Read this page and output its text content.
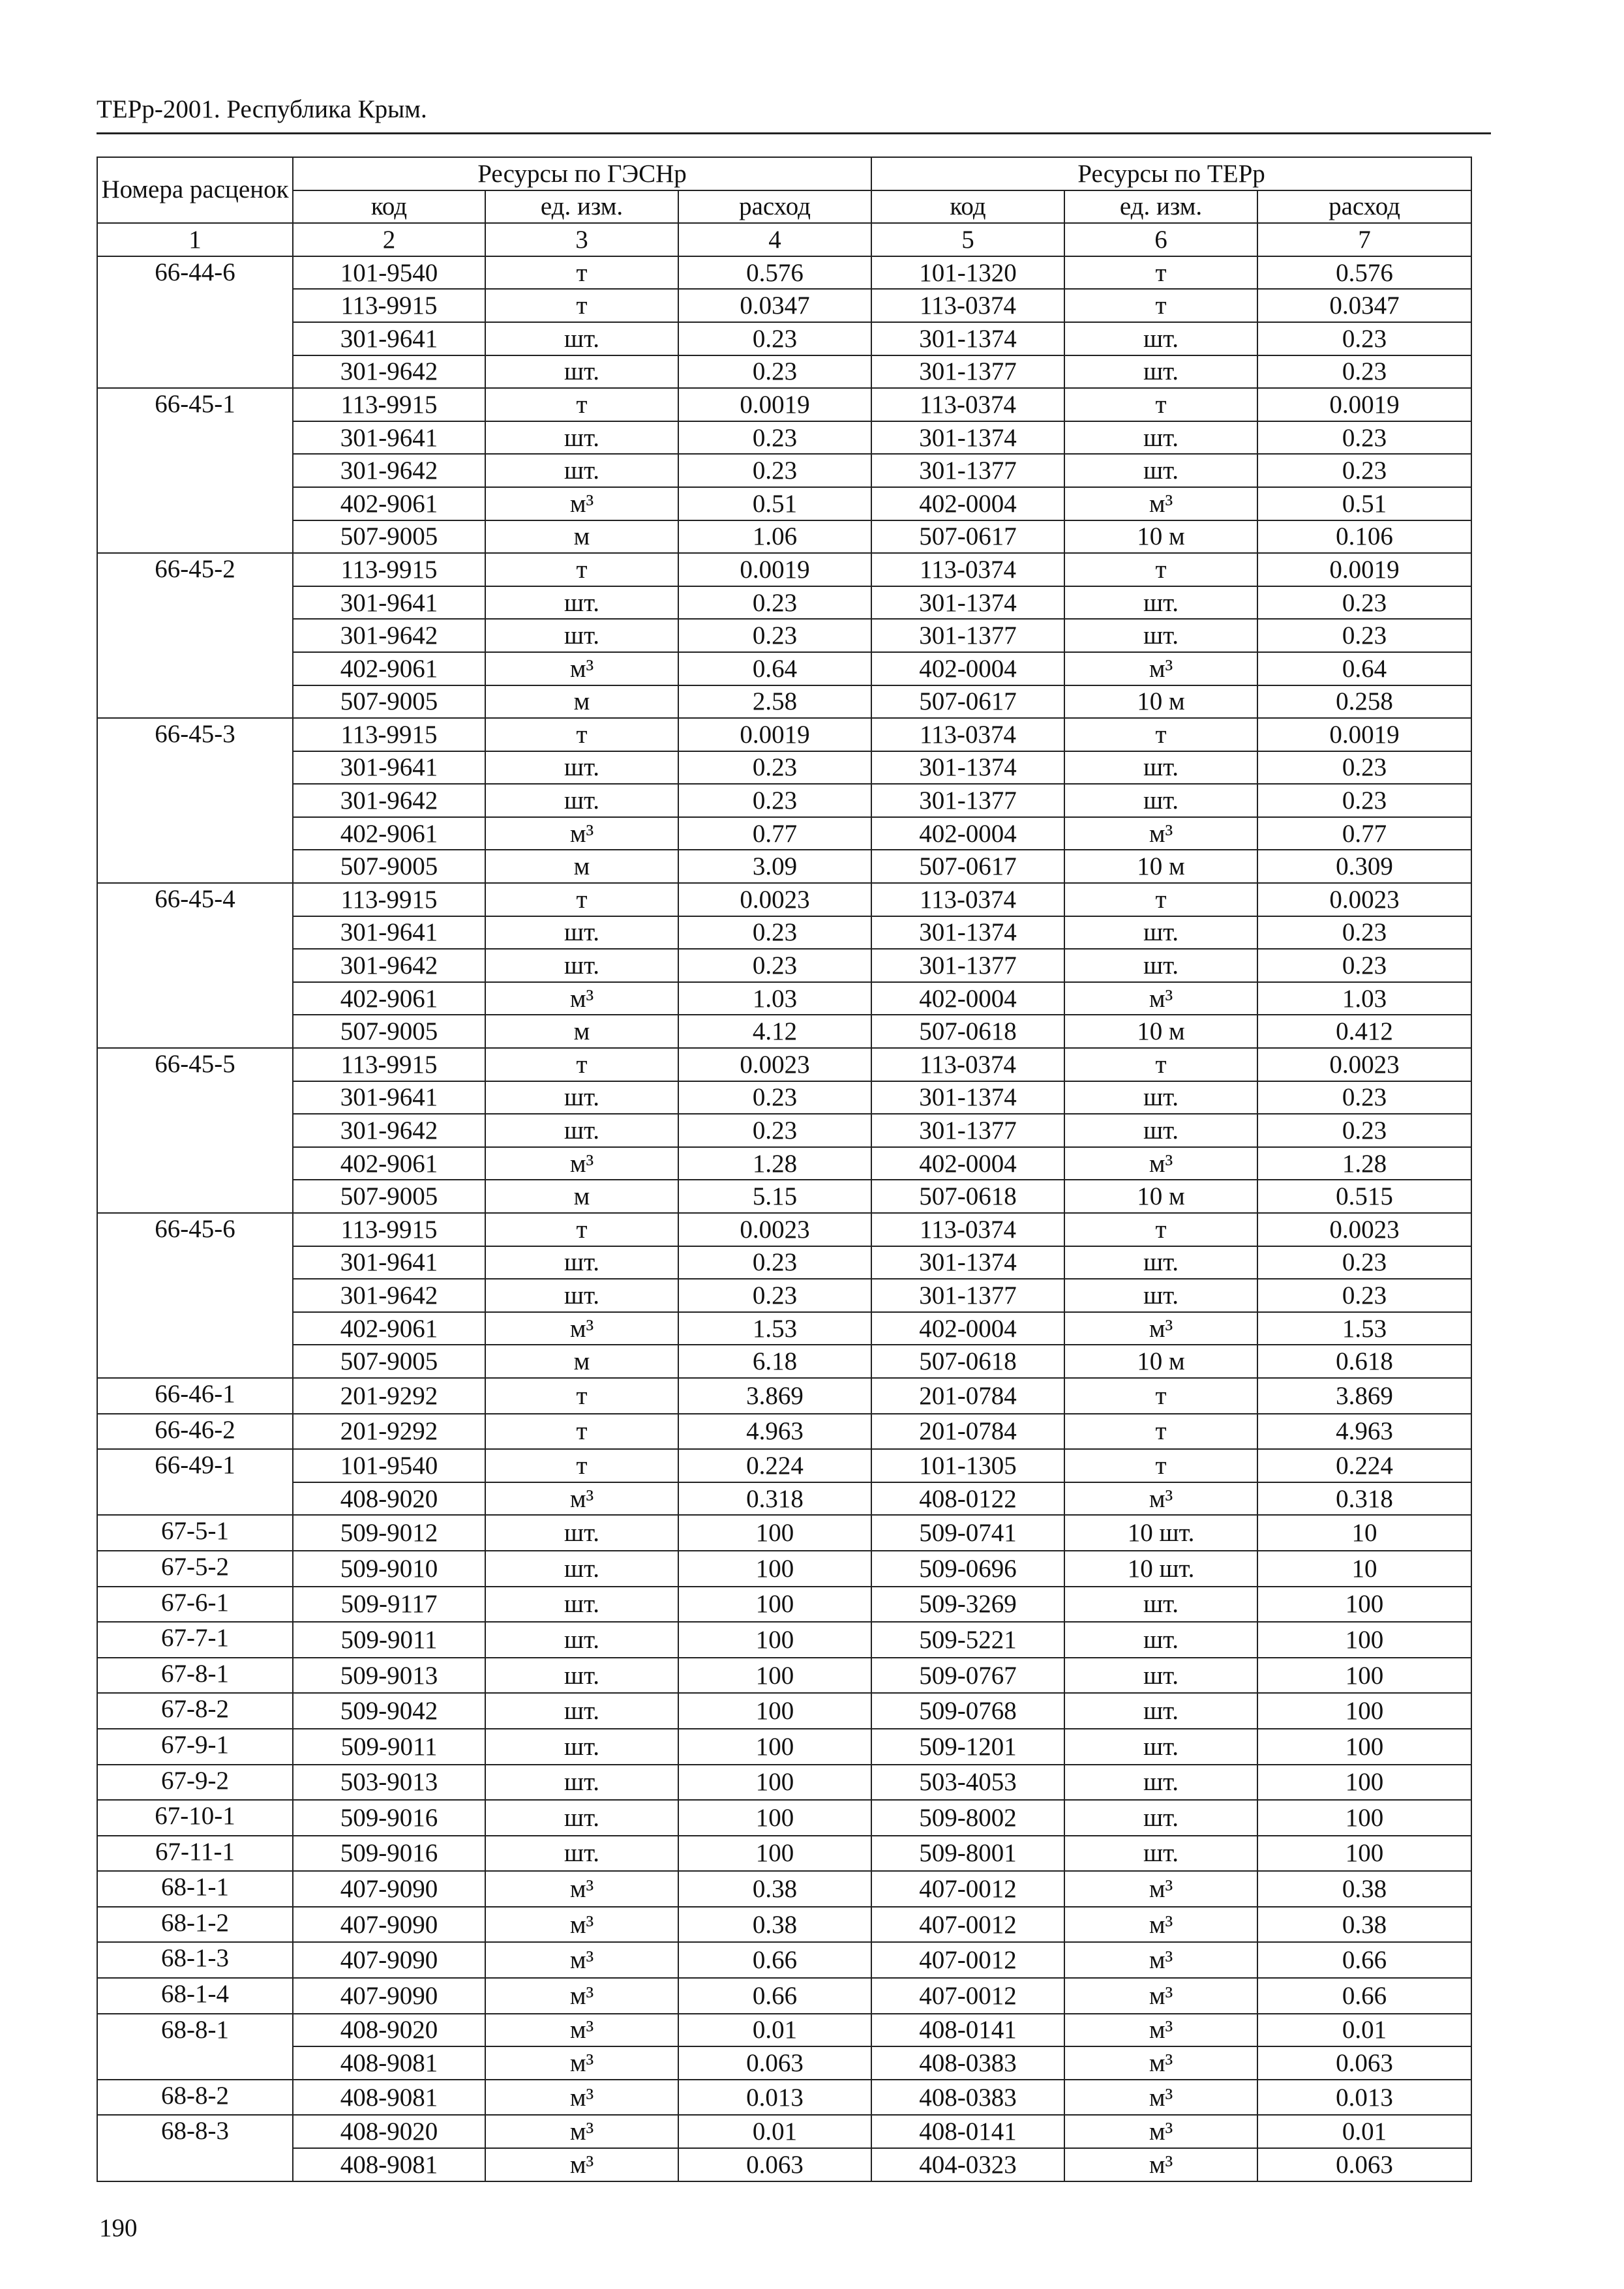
ТЕРр-2001. Республика Крым.
Номера расценок	Ресурсы по ГЭСНр			Ресурсы по ТЕРр		
	код	ед. изм.	расход	код	ед. изм.	расход
1	2	3	4	5	6	7
66-44-6	101-9540	т	0.576	101-1320	т	0.576
	113-9915	т	0.0347	113-0374	т	0.0347
	301-9641	шт.	0.23	301-1374	шт.	0.23
	301-9642	шт.	0.23	301-1377	шт.	0.23
66-45-1	113-9915	т	0.0019	113-0374	т	0.0019
	301-9641	шт.	0.23	301-1374	шт.	0.23
	301-9642	шт.	0.23	301-1377	шт.	0.23
	402-9061	м³	0.51	402-0004	м³	0.51
	507-9005	м	1.06	507-0617	10 м	0.106
66-45-2	113-9915	т	0.0019	113-0374	т	0.0019
	301-9641	шт.	0.23	301-1374	шт.	0.23
	301-9642	шт.	0.23	301-1377	шт.	0.23
	402-9061	м³	0.64	402-0004	м³	0.64
	507-9005	м	2.58	507-0617	10 м	0.258
66-45-3	113-9915	т	0.0019	113-0374	т	0.0019
	301-9641	шт.	0.23	301-1374	шт.	0.23
	301-9642	шт.	0.23	301-1377	шт.	0.23
	402-9061	м³	0.77	402-0004	м³	0.77
	507-9005	м	3.09	507-0617	10 м	0.309
66-45-4	113-9915	т	0.0023	113-0374	т	0.0023
	301-9641	шт.	0.23	301-1374	шт.	0.23
	301-9642	шт.	0.23	301-1377	шт.	0.23
	402-9061	м³	1.03	402-0004	м³	1.03
	507-9005	м	4.12	507-0618	10 м	0.412
66-45-5	113-9915	т	0.0023	113-0374	т	0.0023
	301-9641	шт.	0.23	301-1374	шт.	0.23
	301-9642	шт.	0.23	301-1377	шт.	0.23
	402-9061	м³	1.28	402-0004	м³	1.28
	507-9005	м	5.15	507-0618	10 м	0.515
66-45-6	113-9915	т	0.0023	113-0374	т	0.0023
	301-9641	шт.	0.23	301-1374	шт.	0.23
	301-9642	шт.	0.23	301-1377	шт.	0.23
	402-9061	м³	1.53	402-0004	м³	1.53
	507-9005	м	6.18	507-0618	10 м	0.618
66-46-1	201-9292	т	3.869	201-0784	т	3.869
66-46-2	201-9292	т	4.963	201-0784	т	4.963
66-49-1	101-9540	т	0.224	101-1305	т	0.224
	408-9020	м³	0.318	408-0122	м³	0.318
67-5-1	509-9012	шт.	100	509-0741	10 шт.	10
67-5-2	509-9010	шт.	100	509-0696	10 шт.	10
67-6-1	509-9117	шт.	100	509-3269	шт.	100
67-7-1	509-9011	шт.	100	509-5221	шт.	100
67-8-1	509-9013	шт.	100	509-0767	шт.	100
67-8-2	509-9042	шт.	100	509-0768	шт.	100
67-9-1	509-9011	шт.	100	509-1201	шт.	100
67-9-2	503-9013	шт.	100	503-4053	шт.	100
67-10-1	509-9016	шт.	100	509-8002	шт.	100
67-11-1	509-9016	шт.	100	509-8001	шт.	100
68-1-1	407-9090	м³	0.38	407-0012	м³	0.38
68-1-2	407-9090	м³	0.38	407-0012	м³	0.38
68-1-3	407-9090	м³	0.66	407-0012	м³	0.66
68-1-4	407-9090	м³	0.66	407-0012	м³	0.66
68-8-1	408-9020	м³	0.01	408-0141	м³	0.01
	408-9081	м³	0.063	408-0383	м³	0.063
68-8-2	408-9081	м³	0.013	408-0383	м³	0.013
68-8-3	408-9020	м³	0.01	408-0141	м³	0.01
	408-9081	м³	0.063	404-0323	м³	0.063
190
